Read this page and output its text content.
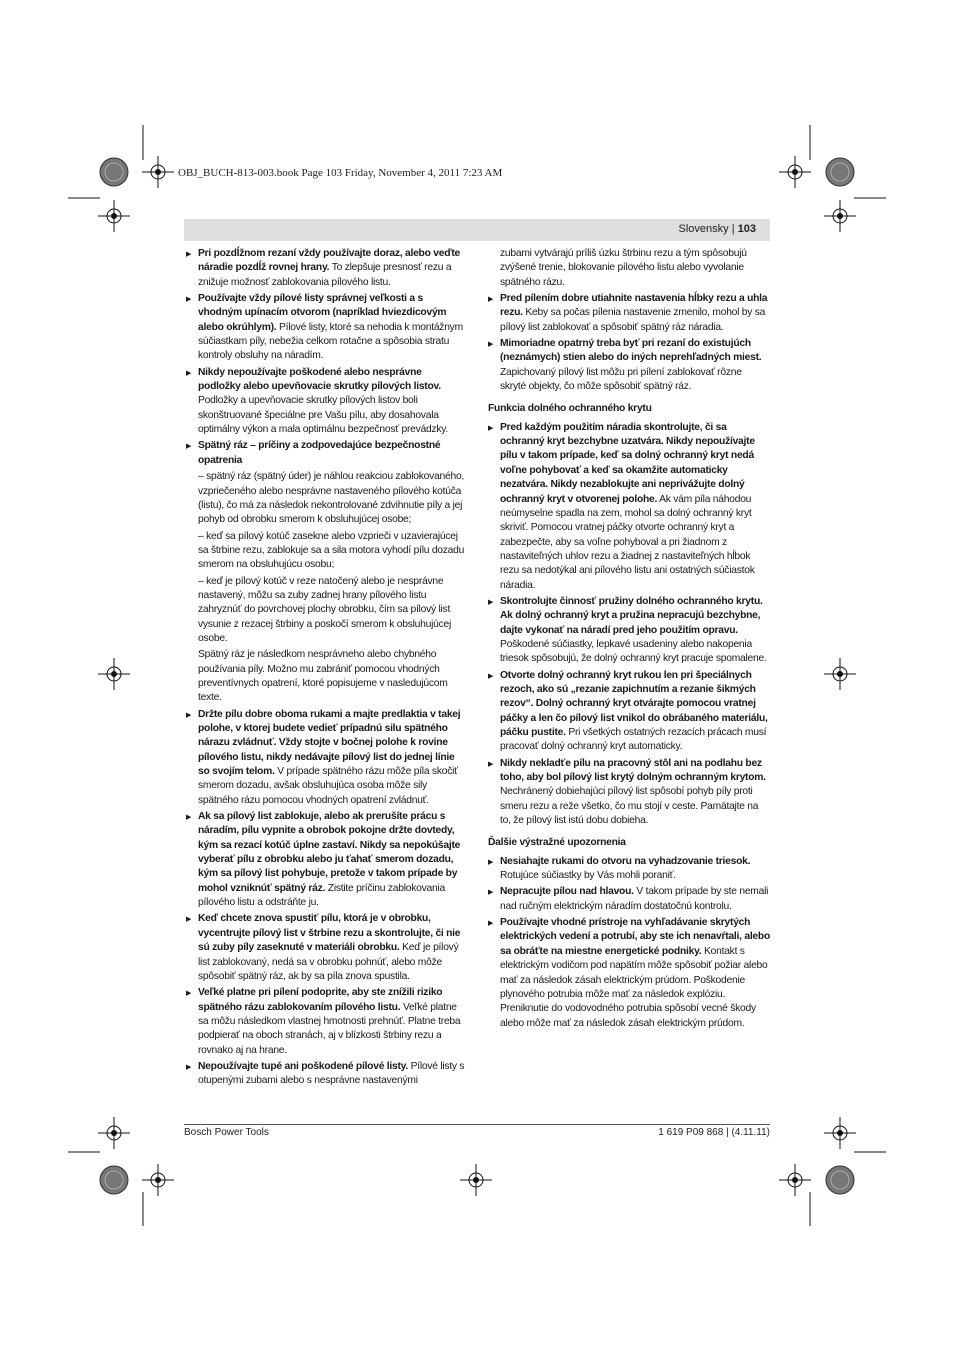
OBJ_BUCH-813-003.book Page 103 Friday, November 4, 2011 7:23 AM
Slovensky | 103
▶ Pri pozdĺžnom rezaní vždy používajte doraz, alebo veďte náradie pozdĺž rovnej hrany. To zlepšuje presnosť rezu a znižuje možnosť zablokovania pílového listu.
▶ Používajte vždy pílové listy správnej veľkosti a s vhodným upínacím otvorom (napríklad hviezdicovým alebo okrúhlym). Pílové listy, ktoré sa nehodia k montážnym súčiastkam píly, nebežia celkom rotačne a spôsobia stratu kontroly obsluhy na náradím.
▶ Nikdy nepoužívajte poškodené alebo nesprávne podložky alebo upevňovacie skrutky pílových listov. Podložky a upevňovacie skrutky pílových listov boli skonštruované špeciálne pre Vašu pílu, aby dosahovala optimálny výkon a mala optimálnu bezpečnosť prevádzky.
▶ Spätný ráz – príčiny a zodpovedajúce bezpečnostné opatrenia
– spätný ráz (spätný úder) je náhlou reakciou zablokovaného, vzpriečeného alebo nesprávne nastaveného pílového kotúča (listu), čo má za následok nekontrolované zdvihnutie píly a jej pohyb od obrobku smerom k obsluhujúcej osobe;
– keď sa pílový kotúč zasekne alebo vzprieči v uzavierajúcej sa štrbine rezu, zablokuje sa a sila motora vyhodí pílu dozadu smerom na obsluhujúcu osobu;
– keď je pílový kotúč v reze natočený alebo je nesprávne nastavený, môžu sa zuby zadnej hrany pílového listu zahryznúť do povrchovej plochy obrobku, čím sa pílový list vysunie z rezacej štrbiny a poskočí smerom k obsluhujúcej osobe.
Spätný ráz je následkom nesprávneho alebo chybného používania píly. Možno mu zabrániť pomocou vhodných preventívnych opatrení, ktoré popisujeme v nasledujúcom texte.
▶ Držte pílu dobre oboma rukami a majte predlaktia v takej polohe, v ktorej budete vedieť prípadnú silu spätného nárazu zvládnuť. Vždy stojte v bočnej polohe k rovine pílového listu, nikdy nedávajte pílový list do jednej línie so svojím telom. V prípade spätného rázu môže píla skočiť smerom dozadu, avšak obsluhujúca osoba môže sily spätného rázu pomocou vhodných opatrení zvládnuť.
▶ Ak sa pílový list zablokuje, alebo ak prerušíte prácu s náradím, pílu vypnite a obrobok pokojne držte dovtedy, kým sa rezací kotúč úplne zastaví. Nikdy sa nepokúšajte vyberať pílu z obrobku alebo ju ťahať smerom dozadu, kým sa pílový list pohybuje, pretože v takom prípade by mohol vzniknúť spätný ráz. Zistite príčinu zablokovania pílového listu a odstráňte ju.
▶ Keď chcete znova spustiť pílu, ktorá je v obrobku, vycentrujte pílový list v štrbine rezu a skontrolujte, či nie sú zuby píly zaseknuté v materiáli obrobku. Keď je pílový list zablokovaný, nedá sa v obrobku pohnúť, alebo môže spôsobiť spätný ráz, ak by sa píla znova spustila.
▶ Veľké platne pri pílení podoprite, aby ste znížili riziko spätného rázu zablokovaním pílového listu. Veľké platne sa môžu následkom vlastnej hmotnosti prehnúť. Platne treba podpierať na oboch stranách, aj v blízkosti štrbiny rezu a rovnako aj na hrane.
▶ Nepoužívajte tupé ani poškodené pílové listy. Pílové listy s otupenými zubami alebo s nesprávne nastavenými
zubami vytvárajú príliš úzku štrbinu rezu a tým spôsobujú zvýšené trenie, blokovanie pílového listu alebo vyvolanie spätného rázu.
▶ Pred pílením dobre utiahnite nastavenia hĺbky rezu a uhla rezu. Keby sa počas pílenia nastavenie zmenilo, mohol by sa pílový list zablokovať a spôsobiť spätný ráz náradia.
▶ Mimoriadne opatrný treba byť pri rezaní do existujúch (neznámych) stien alebo do iných neprehľadných miest. Zapichovaný pílový list môžu pri pílení zablokovať rôzne skryté objekty, čo môže spôsobiť spätný ráz.
Funkcia dolného ochranného krytu
▶ Pred každým použitím náradia skontrolujte, či sa ochranný kryt bezchybne uzatvára. Nikdy nepoužívajte pílu v takom prípade, keď sa dolný ochranný kryt nedá voľne pohybovať a keď sa okamžite automaticky nezatvára. Nikdy nezablokujte ani neprivážujte dolný ochranný kryt v otvorenej polohe. Ak vám píla náhodou neúmyselne spadla na zem, mohol sa dolný ochranný kryt skriviť. Pomocou vratnej páčky otvorte ochranný kryt a zabezpečte, aby sa voľne pohyboval a pri žiadnom z nastaviteľných uhlov rezu a žiadnej z nastaviteľných hĺbok rezu sa nedotýkal ani pílového listu ani ostatných súčiastok náradia.
▶ Skontrolujte činnosť pružiny dolného ochranného krytu. Ak dolný ochranný kryt a pružina nepracujú bezchybne, dajte vykonať na náradí pred jeho použitím opravu. Poškodené súčiastky, lepkavé usadeniny alebo nakopenia triesok spôsobujú, že dolný ochranný kryt pracuje spomalene.
▶ Otvorte dolný ochranný kryt rukou len pri špeciálnych rezoch, ako sú „rezanie zapichnutím a rezanie šikmých rezov“. Dolný ochranný kryt otvárajte pomocou vratnej páčky a len čo pílový list vnikol do obrábaného materiálu, páčku pustite. Pri všetkých ostatných rezacích prácach musí pracovať dolný ochranný kryt automaticky.
▶ Nikdy nekladťe pílu na pracovný stôl ani na podlahu bez toho, aby bol pílový list krytý dolným ochranným krytom. Nechránený dobiehajúci pílový list spôsobí pohyb píly proti smeru rezu a reže všetko, čo mu stojí v ceste. Pamätajte na to, že pílový list istú dobu dobieha.
Ďalšie výstražné upozornenia
▶ Nesiahajte rukami do otvoru na vyhadzovanie triesok. Rotujúce súčiastky by Vás mohli poraniť.
▶ Nepracujte pílou nad hlavou. V takom prípade by ste nemali nad ručným elektrickým náradím dostatočnú kontrolu.
▶ Používajte vhodné prístroje na vyhľadávanie skrytých elektrických vedení a potrubí, aby ste ich nenavŕtali, alebo sa obráťte na miestne energetické podniky. Kontakt s elektrickým vodičom pod napätím môže spôsobiť požiar alebo mať za následok zásah elektrickým prúdom. Poškodenie plynového potrubia môže mať za následok explóziu. Preniknutie do vodovodného potrubia spôsobí vecné škody alebo môže mať za následok zásah elektrickým prúdom.
Bosch Power Tools	1 619 P09 868 | (4.11.11)
